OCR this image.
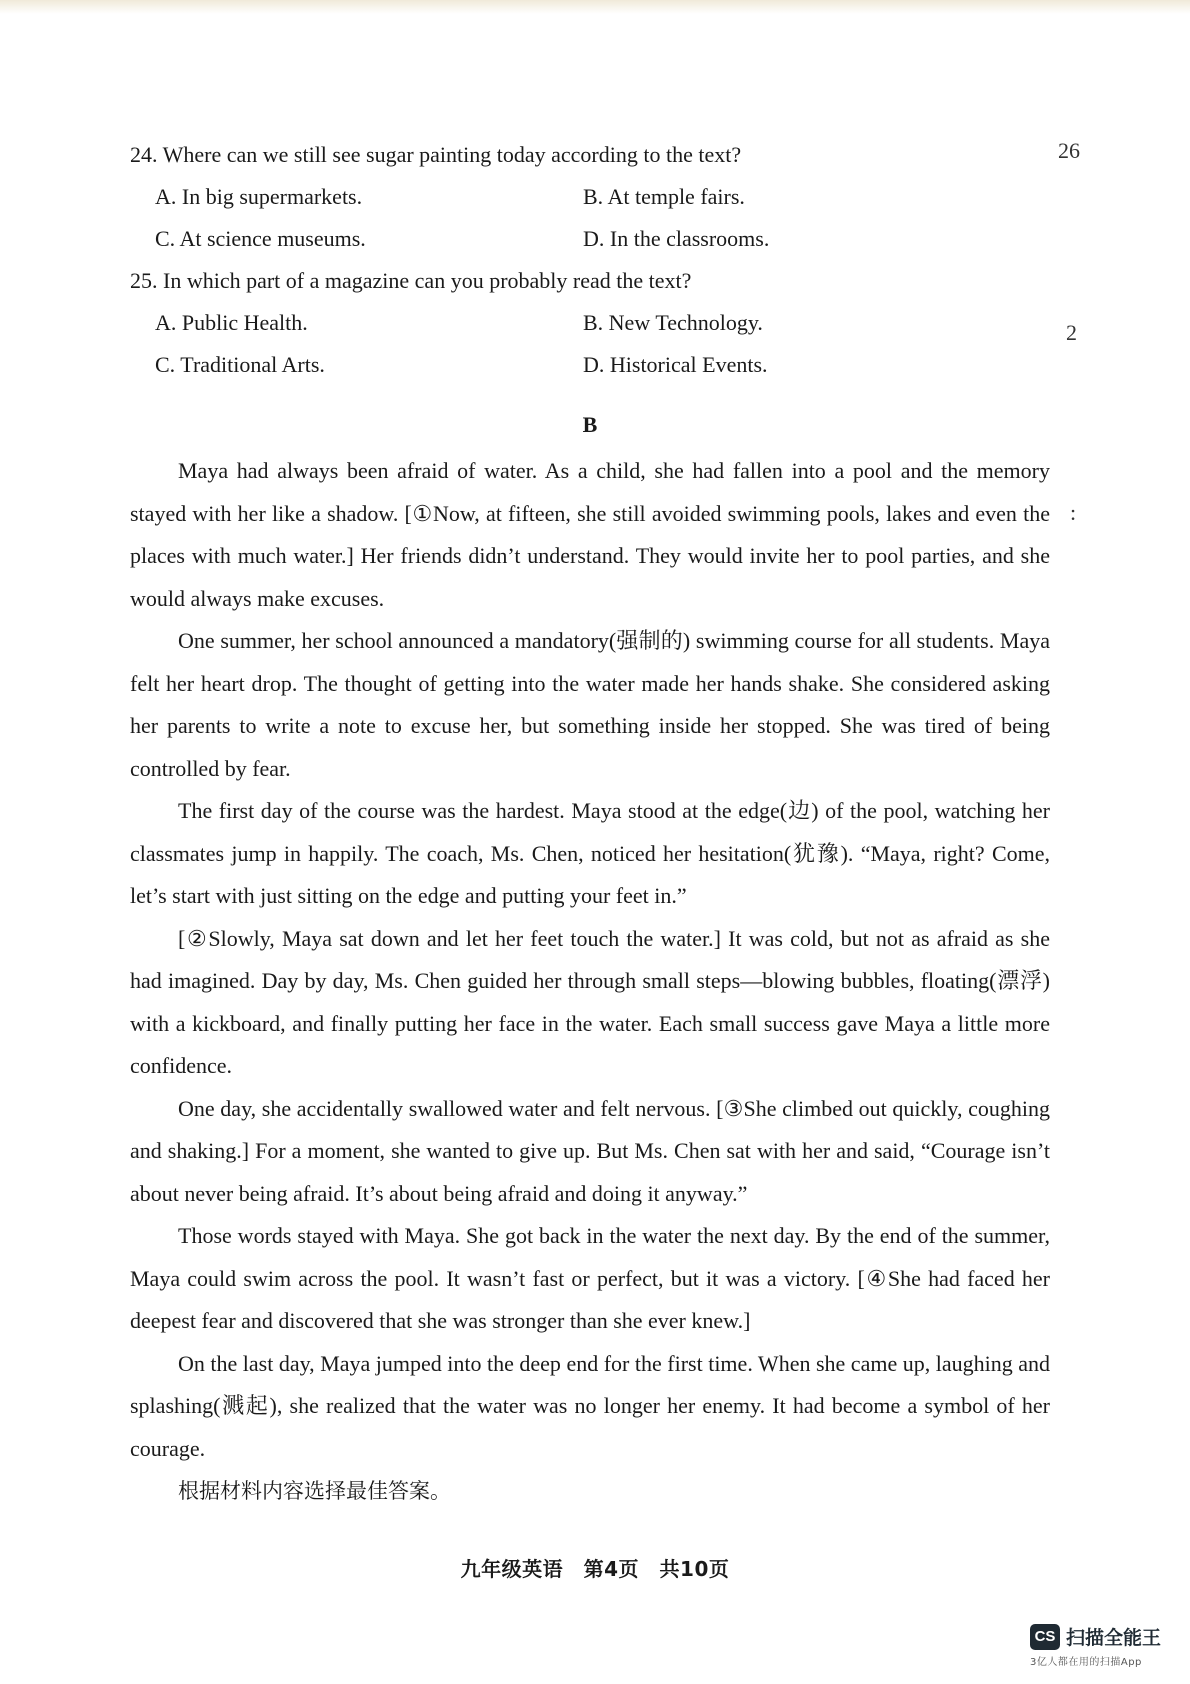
26
2
:

24. Where can we still see sugar painting today according to the text?

A. In big supermarkets.	B. At temple fairs.
C. At science museums.	D. In the classrooms.

25. In which part of a magazine can you probably read the text?

A. Public Health.	B. New Technology.
C. Traditional Arts.	D. Historical Events.
B

Maya had always been afraid of water. As a child, she had fallen into a pool and the memory stayed with her like a shadow. [①Now, at fifteen, she still avoided swimming pools, lakes and even the places with much water.] Her friends didn’t understand. They would invite her to pool parties, and she would always make excuses.

One summer, her school announced a mandatory(强制的) swimming course for all students. Maya felt her heart drop. The thought of getting into the water made her hands shake. She considered asking her parents to write a note to excuse her, but something inside her stopped. She was tired of being controlled by fear.

The first day of the course was the hardest. Maya stood at the edge(边) of the pool, watching her classmates jump in happily. The coach, Ms. Chen, noticed her hesitation(犹豫). “Maya, right? Come, let’s start with just sitting on the edge and putting your feet in.”

[②Slowly, Maya sat down and let her feet touch the water.] It was cold, but not as afraid as she had imagined. Day by day, Ms. Chen guided her through small steps—blowing bubbles, floating(漂浮) with a kickboard, and finally putting her face in the water. Each small success gave Maya a little more confidence.

One day, she accidentally swallowed water and felt nervous. [③She climbed out quickly, coughing and shaking.] For a moment, she wanted to give up. But Ms. Chen sat with her and said, “Courage isn’t about never being afraid. It’s about being afraid and doing it anyway.”

Those words stayed with Maya. She got back in the water the next day. By the end of the summer, Maya could swim across the pool. It wasn’t fast or perfect, but it was a victory. [④She had faced her deepest fear and discovered that she was stronger than she ever knew.]

On the last day, Maya jumped into the deep end for the first time. When she came up, laughing and splashing(溅起), she realized that the water was no longer her enemy. It had become a symbol of her courage.

根据材料内容选择最佳答案。

九年级英语　第4页　共10页
CS 扫描全能王
3亿人都在用的扫描App
